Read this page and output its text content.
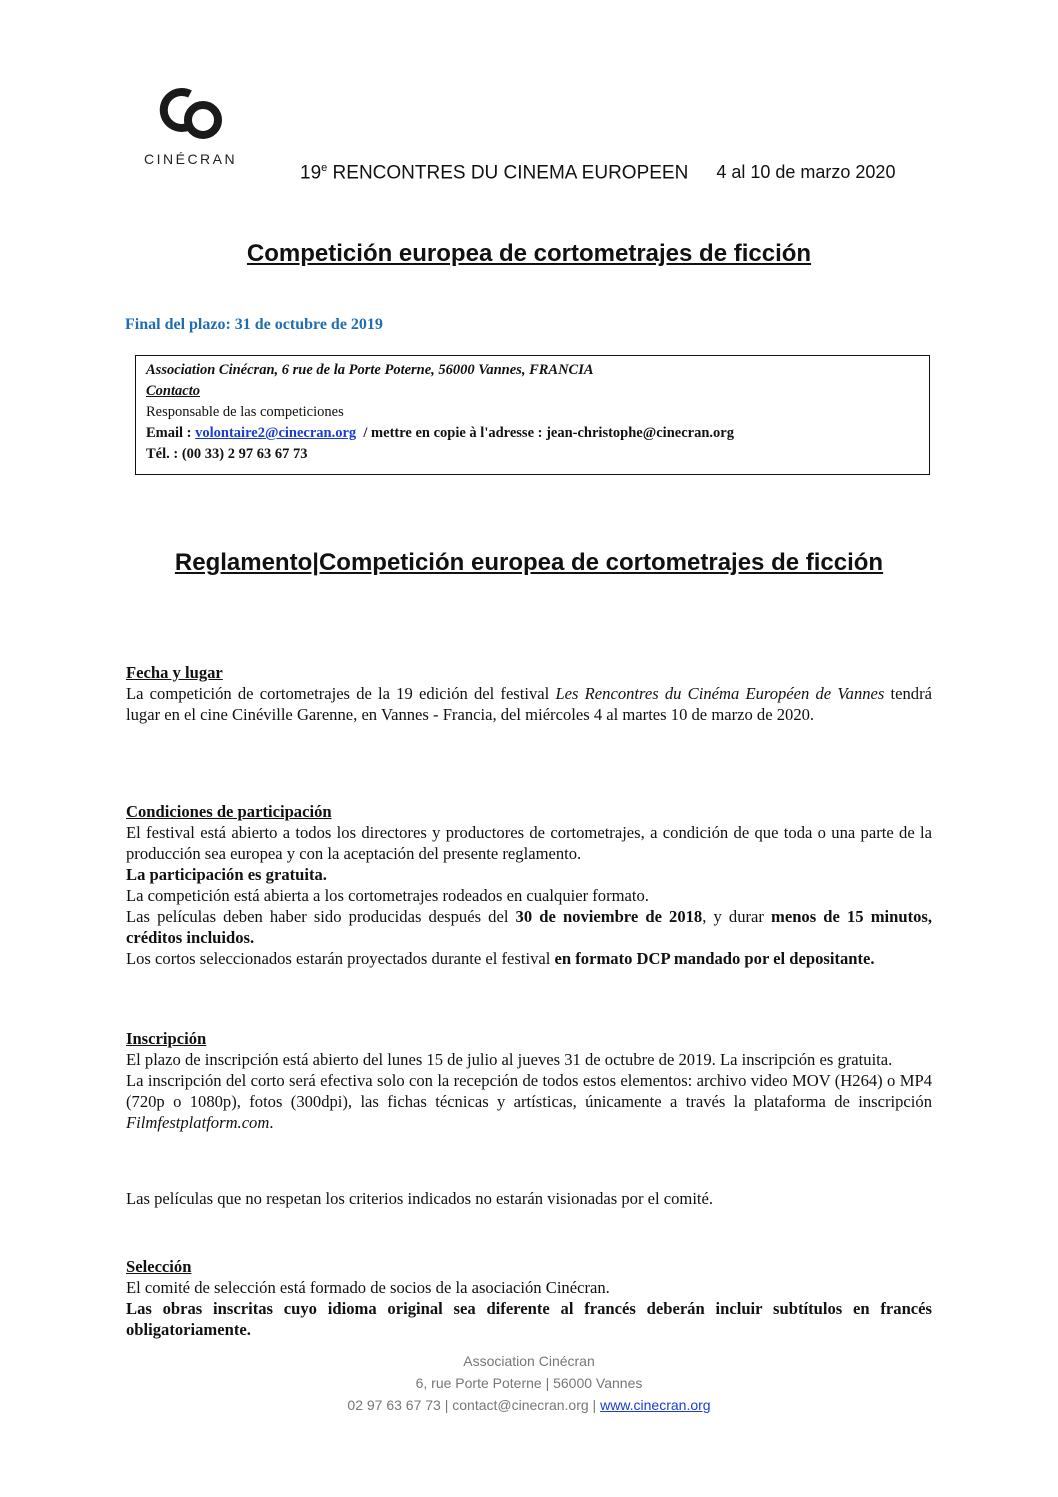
CINÉCRAN
19e RENCONTRES DU CINEMA EUROPEEN 4 al 10 de marzo 2020
Competición europea de cortometrajes de ficción
Final del plazo: 31 de octubre de 2019
Association Cinécran, 6 rue de la Porte Poterne, 56000 Vannes, FRANCIA
Contacto
Responsable de las competiciones
Email : volontaire2@cinecran.org / mettre en copie à l'adresse : jean-christophe@cinecran.org
Tél. : (00 33) 2 97 63 67 73
Reglamento|Competición europea de cortometrajes de ficción
Fecha y lugar

La competición de cortometrajes de la 19 edición del festival Les Rencontres du Cinéma Européen de Vannes tendrá lugar en el cine Cinéville Garenne, en Vannes - Francia, del miércoles 4 al martes 10 de marzo de 2020.

Condiciones de participación

El festival está abierto a todos los directores y productores de cortometrajes, a condición de que toda o una parte de la producción sea europea y con la aceptación del presente reglamento.

La participación es gratuita.

La competición está abierta a los cortometrajes rodeados en cualquier formato.

Las películas deben haber sido producidas después del 30 de noviembre de 2018, y durar menos de 15 minutos, créditos incluidos.

Los cortos seleccionados estarán proyectados durante el festival en formato DCP mandado por el depositante.

Inscripción

El plazo de inscripción está abierto del lunes 15 de julio al jueves 31 de octubre de 2019. La inscripción es gratuita.

La inscripción del corto será efectiva solo con la recepción de todos estos elementos: archivo video MOV (H264) o MP4 (720p o 1080p), fotos (300dpi), las fichas técnicas y artísticas, únicamente a través la plataforma de inscripción Filmfestplatform.com.

Las películas que no respetan los criterios indicados no estarán visionadas por el comité.

Selección

El comité de selección está formado de socios de la asociación Cinécran.

Las obras inscritas cuyo idioma original sea diferente al francés deberán incluir subtítulos en francés obligatoriamente.

Association Cinécran
6, rue Porte Poterne | 56000 Vannes
02 97 63 67 73 | contact@cinecran.org | www.cinecran.org
